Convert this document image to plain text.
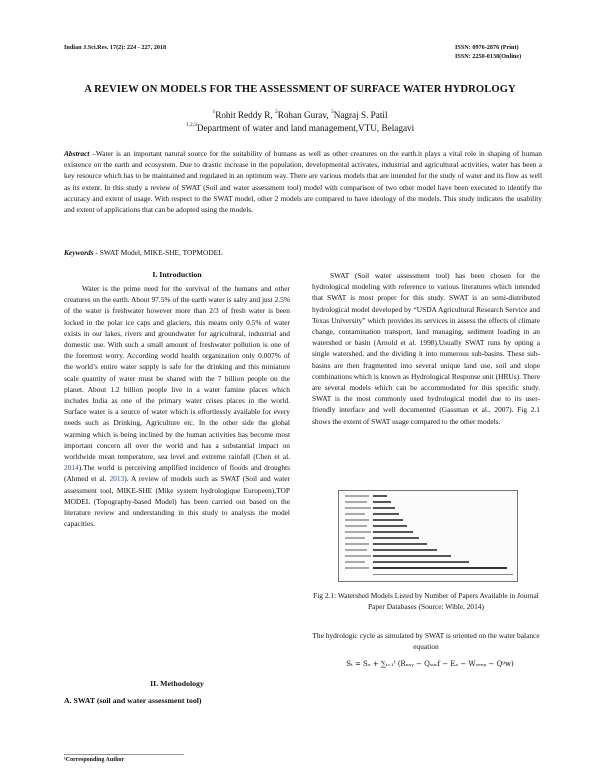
Indian J.Sci.Res. 17(2): 224 - 227, 2018	ISSN: 0976-2876 (Print)
ISSN: 2250-0138(Online)
A REVIEW ON MODELS FOR THE ASSESSMENT OF SURFACE WATER HYDROLOGY
$^1$Rohit Reddy R, $^2$Rohan Gurav, $^3$Nagraj S. Patil
$^{1,2,3}$Department of water and land management,VTU, Belagavi

Abstract –Water is an important natural source for the suitability of humans as well as other creatures on the earth.it plays a vital role in shaping of human existence on the earth and ecosystem. Due to drastic increase in the population, developmental activates, industrial and agricultural activities, water has been a key resource which has to be maintained and regulated in an optimum way. There are various models that are intended for the study of water and its flow as well as its extent. In this study a review of SWAT (Soil and water assessment tool) model with comparison of two other model have been executed to identify the accuracy and extent of usage. With respect to the SWAT model, other 2 models are compared to have ideology of the models. This study indicates the usability and extent of applications that can be adopted using the models.

Keywords - SWAT Model, MIKE-SHE, TOPMODEL
I. Introduction

Water is the prime need for the survival of the humans and other creatures on the earth. About 97.5% of the earth water is salty and just 2.5% of the water is freshwater however more than 2/3 of fresh water is been locked in the polar ice caps and glaciers, this means only 0.5% of water exists in our lakes, rivers and groundwater for agricultural, industrial and domestic use. With such a small amount of freshwater pollution is one of the foremost worry. According world health organization only 0.007% of the world’s entire water supply is safe for the drinking and this miniature scale quantity of water must be shared with the 7 billion people on the planet. About 1.2 billion people live in a water famine places which includes India as one of the primary water crises places in the world. Surface water is a source of water which is effortlessly available for every needs such as Drinking, Agriculture etc. In the other side the global warming which is being inclined by the human activities has become most important concern all over the world and has a substantial impact on worldwide mean temperature, sea level and extreme rainfall (Chen et al. 2014).The world is perceiving amplified incidence of floods and droughts (Ahmed et al. 2013). A review of models such as SWAT (Soil and water assessment tool, MIKE-SHE (Mike system hydrologique Europeen),TOP MODEL (Topography-based Model) has been carried out based on the literature review and understanding in this study to analysis the model capacities.

II. Methodology
A. SWAT (soil and water assessment tool)

SWAT (Soil water assessment tool) has been chosen for the hydrological modeling with reference to various literatures which intended that SWAT is most proper for this study. SWAT is an semi-distributed hydrological model developed by “USDA Agricultural Research Service and Texas University” which provides its services in assess the effects of climate change, contamination transport, land managing, sediment loading in an watershed or basin (Arnold et al. 1998).Usually SWAT runs by opting a single watershed, and the dividing it into numerous sub-basins. These sub-basins are then fragmented into several unique land use, soil and slope combinations which is known as Hydrological Response unit (HRUs). There are several models which can be accommodated for this specific study. SWAT is the most commonly used hydrological model due to its user-friendly interface and well documented (Gassman et al., 2007). Fig 2.1 shows the extent of SWAT usage compared to the other models.

Fig 2.1: Watershed Models Listed by Number of Papers Available in Journal Paper Databases (Source: Wible, 2014)
The hydrologic cycle as simulated by SWAT is oriented on the water balance equation
Sₜ = Sₒ + ∑ᵢ₌₁ᵗ (Rₑₐᵧ − Qₛᵤᵣf − Eₐ − Wₛₑₑₚ − Qᵍw)
¹Corresponding Author
